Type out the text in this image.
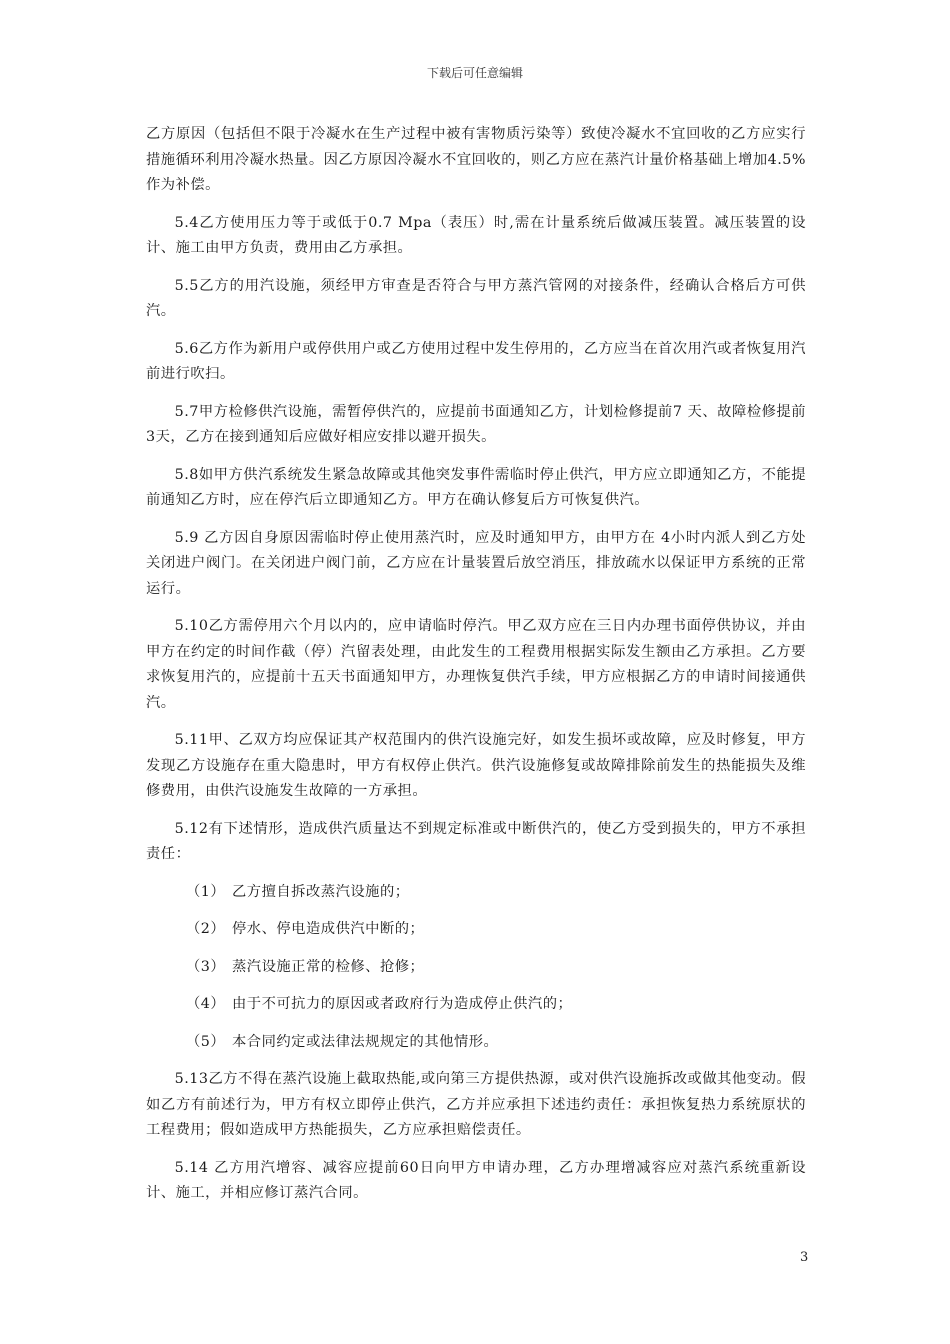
下载后可任意编辑

乙方原因（包括但不限于冷凝水在生产过程中被有害物质污染等）致使冷凝水不宜回收的乙方应实行措施循环利用冷凝水热量。因乙方原因冷凝水不宜回收的，则乙方应在蒸汽计量价格基础上增加4.5%作为补偿。

5.4乙方使用压力等于或低于0.7 Mpa（表压）时,需在计量系统后做减压装置。减压装置的设计、施工由甲方负责，费用由乙方承担。

5.5乙方的用汽设施，须经甲方审查是否符合与甲方蒸汽管网的对接条件，经确认合格后方可供汽。

5.6乙方作为新用户或停供用户或乙方使用过程中发生停用的，乙方应当在首次用汽或者恢复用汽前进行吹扫。

5.7甲方检修供汽设施，需暂停供汽的，应提前书面通知乙方，计划检修提前7 天、故障检修提前3天，乙方在接到通知后应做好相应安排以避开损失。

5.8如甲方供汽系统发生紧急故障或其他突发事件需临时停止供汽，甲方应立即通知乙方，不能提前通知乙方时，应在停汽后立即通知乙方。甲方在确认修复后方可恢复供汽。

5.9 乙方因自身原因需临时停止使用蒸汽时，应及时通知甲方，由甲方在 4小时内派人到乙方处关闭进户阀门。在关闭进户阀门前，乙方应在计量装置后放空消压，排放疏水以保证甲方系统的正常运行。

5.10乙方需停用六个月以内的，应申请临时停汽。甲乙双方应在三日内办理书面停供协议，并由甲方在约定的时间作截（停）汽留表处理，由此发生的工程费用根据实际发生额由乙方承担。乙方要求恢复用汽的，应提前十五天书面通知甲方，办理恢复供汽手续，甲方应根据乙方的申请时间接通供汽。

5.11甲、乙双方均应保证其产权范围内的供汽设施完好，如发生损坏或故障，应及时修复，甲方发现乙方设施存在重大隐患时，甲方有权停止供汽。供汽设施修复或故障排除前发生的热能损失及维修费用，由供汽设施发生故障的一方承担。

5.12有下述情形，造成供汽质量达不到规定标准或中断供汽的，使乙方受到损失的，甲方不承担责任：

（1） 乙方擅自拆改蒸汽设施的；
（2） 停水、停电造成供汽中断的；
（3） 蒸汽设施正常的检修、抢修；
（4） 由于不可抗力的原因或者政府行为造成停止供汽的；
（5） 本合同约定或法律法规规定的其他情形。

5.13乙方不得在蒸汽设施上截取热能,或向第三方提供热源，或对供汽设施拆改或做其他变动。假如乙方有前述行为，甲方有权立即停止供汽，乙方并应承担下述违约责任：承担恢复热力系统原状的工程费用；假如造成甲方热能损失，乙方应承担赔偿责任。

5.14 乙方用汽增容、减容应提前60日向甲方申请办理，乙方办理增减容应对蒸汽系统重新设计、施工，并相应修订蒸汽合同。

3
